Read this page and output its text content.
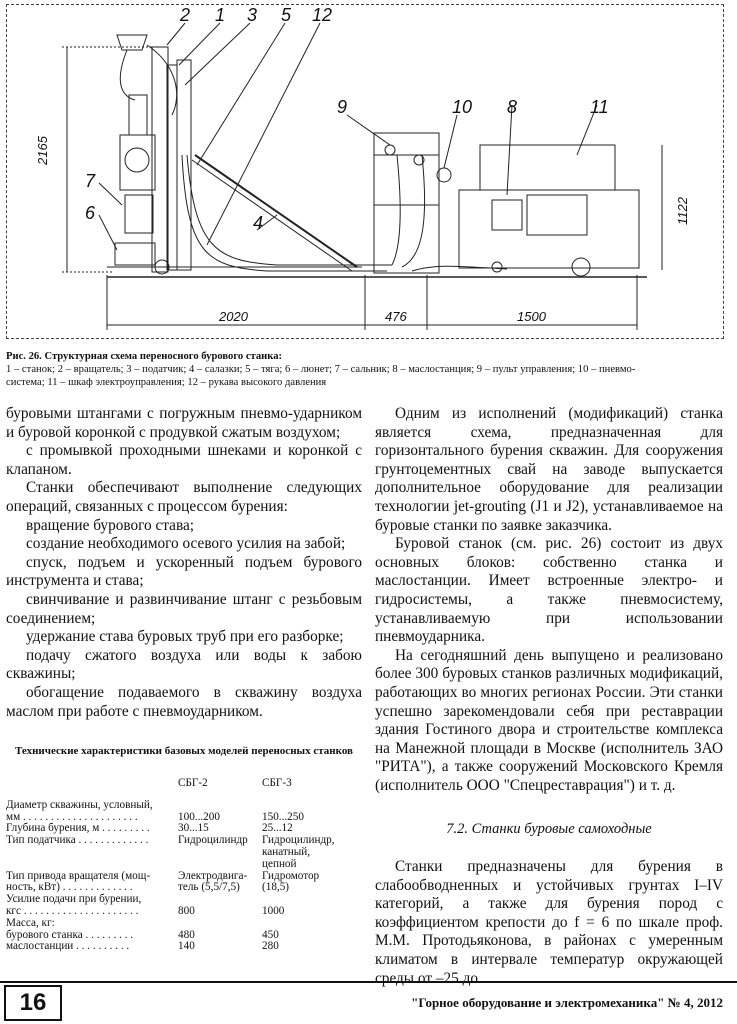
1
2	3 5 12
9	10 8	11
7
6	4
2165
1122
2020	476	1500
Рис. 26. Структурная схема переносного бурового станка:
1 – станок; 2 – вращатель; 3 – податчик; 4 – салазки; 5 – тяга; 6 – люнет; 7 – сальник; 8 – маслостанция; 9 – пульт управления; 10 – пневмо-
система; 11 – шкаф электроуправления; 12 – рукава высокого давления

буровыми штангами с погружным пневмо-ударником и буровой коронкой с продувкой сжатым воздухом;

с промывкой проходными шнеками и коронкой с клапаном.

Станки обеспечивают выполнение следующих операций, связанных с процессом бурения:

вращение бурового става;

создание необходимого осевого усилия на забой;

спуск, подъем и ускоренный подъем бурового инструмента и става;

свинчивание и развинчивание штанг с резьбовым соединением;

удержание става буровых труб при его разборке;

подачу сжатого воздуха или воды к забою скважины;

обогащение подаваемого в скважину воздуха маслом при работе с пневмоударником.

Технические характеристики базовых моделей переносных станков
СБГ-2	СБГ-3
Диаметр скважины, условный,
мм . . . . . . . . . . . . . . . . . . . . .	100...200	150...250
Глубина бурения, м . . . . . . . . .	30...15	25...12
Тип податчика . . . . . . . . . . . . .	Гидроцилиндр	Гидроцилиндр,
канатный,
цепной
Тип привода вращателя (мощ-	Электродвига-	Гидромотор
ность, кВт) . . . . . . . . . . . . .	тель (5,5/7,5)	(18,5)
Усилие подачи при бурении,
кгс . . . . . . . . . . . . . . . . . . . . .	800	1000
Масса, кг:
бурового станка . . . . . . . . .	480	450
маслостанции . . . . . . . . . .	140	280

Одним из исполнений (модификаций) станка является схема, предназначенная для горизонтального бурения скважин. Для сооружения грунтоцементных свай на заводе выпускается дополнительное оборудование для реализации технологии jet-grouting (J1 и J2), устанавливаемое на буровые станки по заявке заказчика.

Буровой станок (см. рис. 26) состоит из двух основных блоков: собственно станка и маслостанции. Имеет встроенные электро- и гидросистемы, а также пневмосистему, устанавливаемую при использовании пневмоударника.

На сегодняшний день выпущено и реализовано более 300 буровых станков различных модификаций, работающих во многих регионах России. Эти станки успешно зарекомендовали себя при реставрации здания Гостиного двора и строительстве комплекса на Манежной площади в Москве (исполнитель ЗАО "РИТА"), а также сооружений Московского Кремля (исполнитель ООО "Спецреставрация") и т. д.

7.2. Станки буровые самоходные

Станки предназначены для бурения в слабообводненных и устойчивых грунтах I–IV категорий, а также для бурения пород с коэффициентом крепости до f = 6 по шкале проф. М.М. Протодьяконова, в районах с умеренным климатом в интервале температур окружающей среды от –25 до

16	"Горное оборудование и электромеханика" № 4, 2012
